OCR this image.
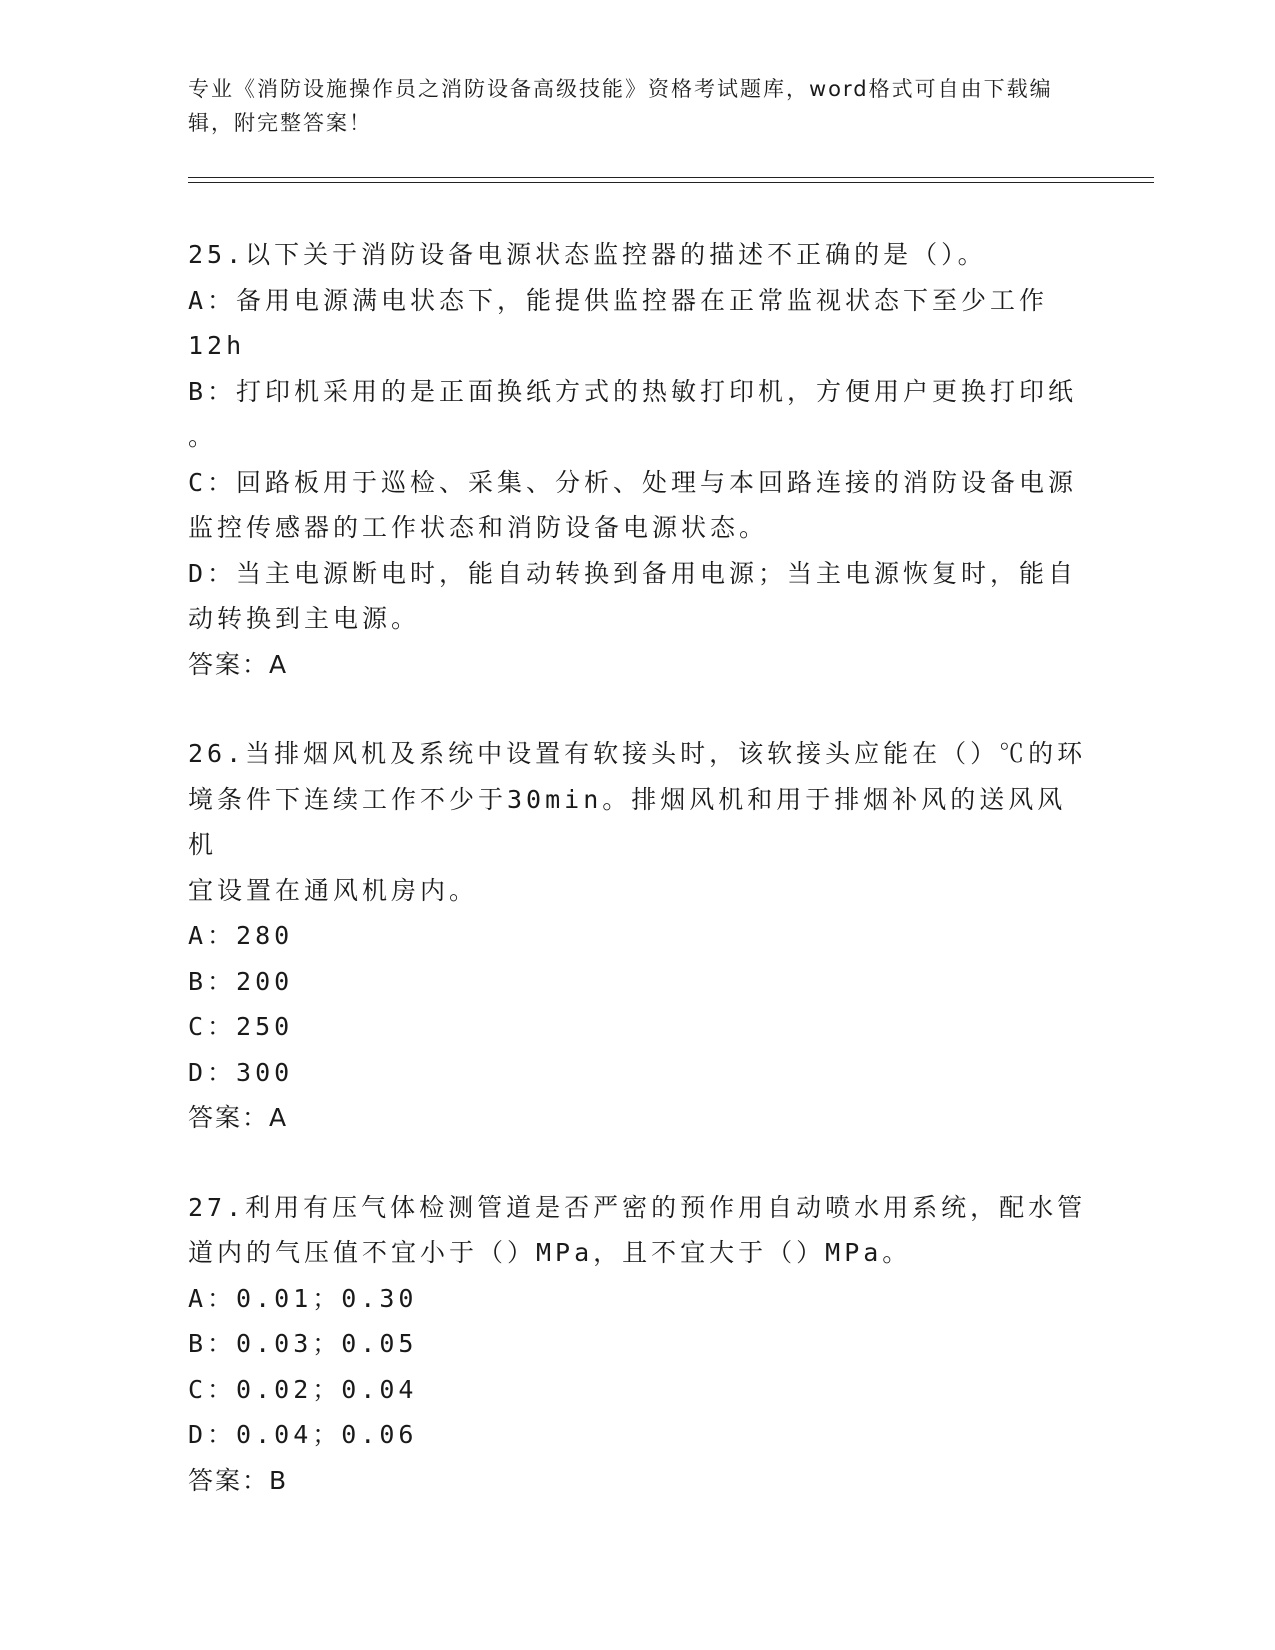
专业《消防设施操作员之消防设备高级技能》资格考试题库，word格式可自由下载编辑，附完整答案！
25.以下关于消防设备电源状态监控器的描述不正确的是（）。
A：备用电源满电状态下，能提供监控器在正常监视状态下至少工作
12h
B：打印机采用的是正面换纸方式的热敏打印机，方便用户更换打印纸
。
C：回路板用于巡检、采集、分析、处理与本回路连接的消防设备电源
监控传感器的工作状态和消防设备电源状态。
D：当主电源断电时，能自动转换到备用电源；当主电源恢复时，能自
动转换到主电源。
答案：A
26.当排烟风机及系统中设置有软接头时，该软接头应能在（）℃的环
境条件下连续工作不少于30min。排烟风机和用于排烟补风的送风风机
宜设置在通风机房内。
A：280
B：200
C：250
D：300
答案：A
27.利用有压气体检测管道是否严密的预作用自动喷水用系统，配水管
道内的气压值不宜小于（）MPa，且不宜大于（）MPa。
A：0.01；0.30
B：0.03；0.05
C：0.02；0.04
D：0.04；0.06
答案：B
